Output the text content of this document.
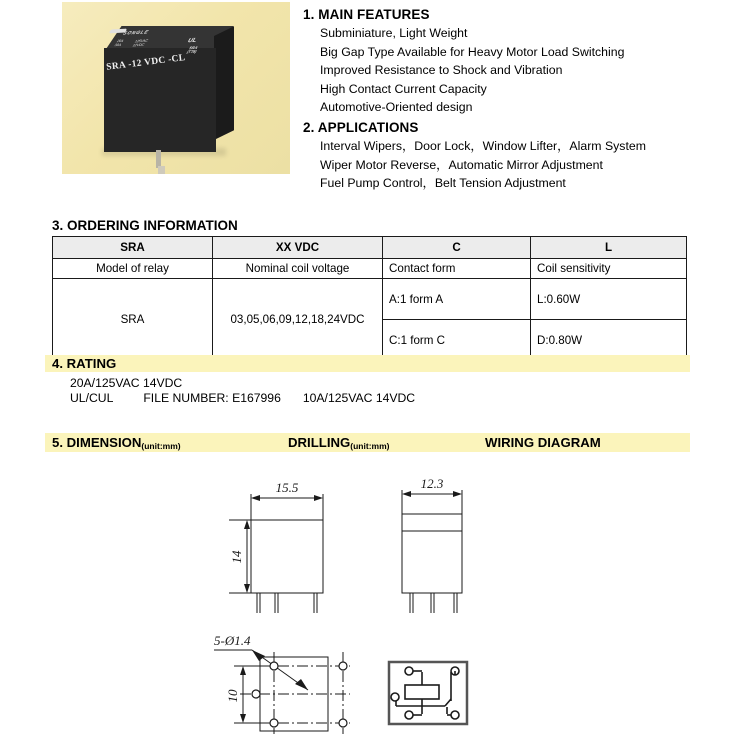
SONGLE
20A
30A
125VAC
12VDC
UL
SRA
(T78)
SRA -12 VDC -CL
1. MAIN FEATURES
Subminiature, Light Weight
Big Gap Type Available for Heavy Motor Load Switching
Improved Resistance to Shock and Vibration
High Contact Current Capacity
Automotive-Oriented design
2. APPLICATIONS
Interval Wipers，Door Lock，Window Lifter，Alarm System
Wiper Motor Reverse，Automatic Mirror Adjustment
Fuel Pump Control，Belt Tension Adjustment
3. ORDERING INFORMATION
SRA	XX VDC	C	L
Model of relay	Nominal coil voltage	Contact form	Coil sensitivity
SRA	03,05,06,09,12,18,24VDC	A:1 form A	L:0.60W
		C:1 form C	D:0.80W
4. RATING
20A/125VAC 14VDC
UL/CUL FILE NUMBER: E167996 10A/125VAC 14VDC
5. DIMENSION(unit:mm)	DRILLING(unit:mm)	WIRING DIAGRAM
15.5
14
12.3
5-Ø1.4
10
